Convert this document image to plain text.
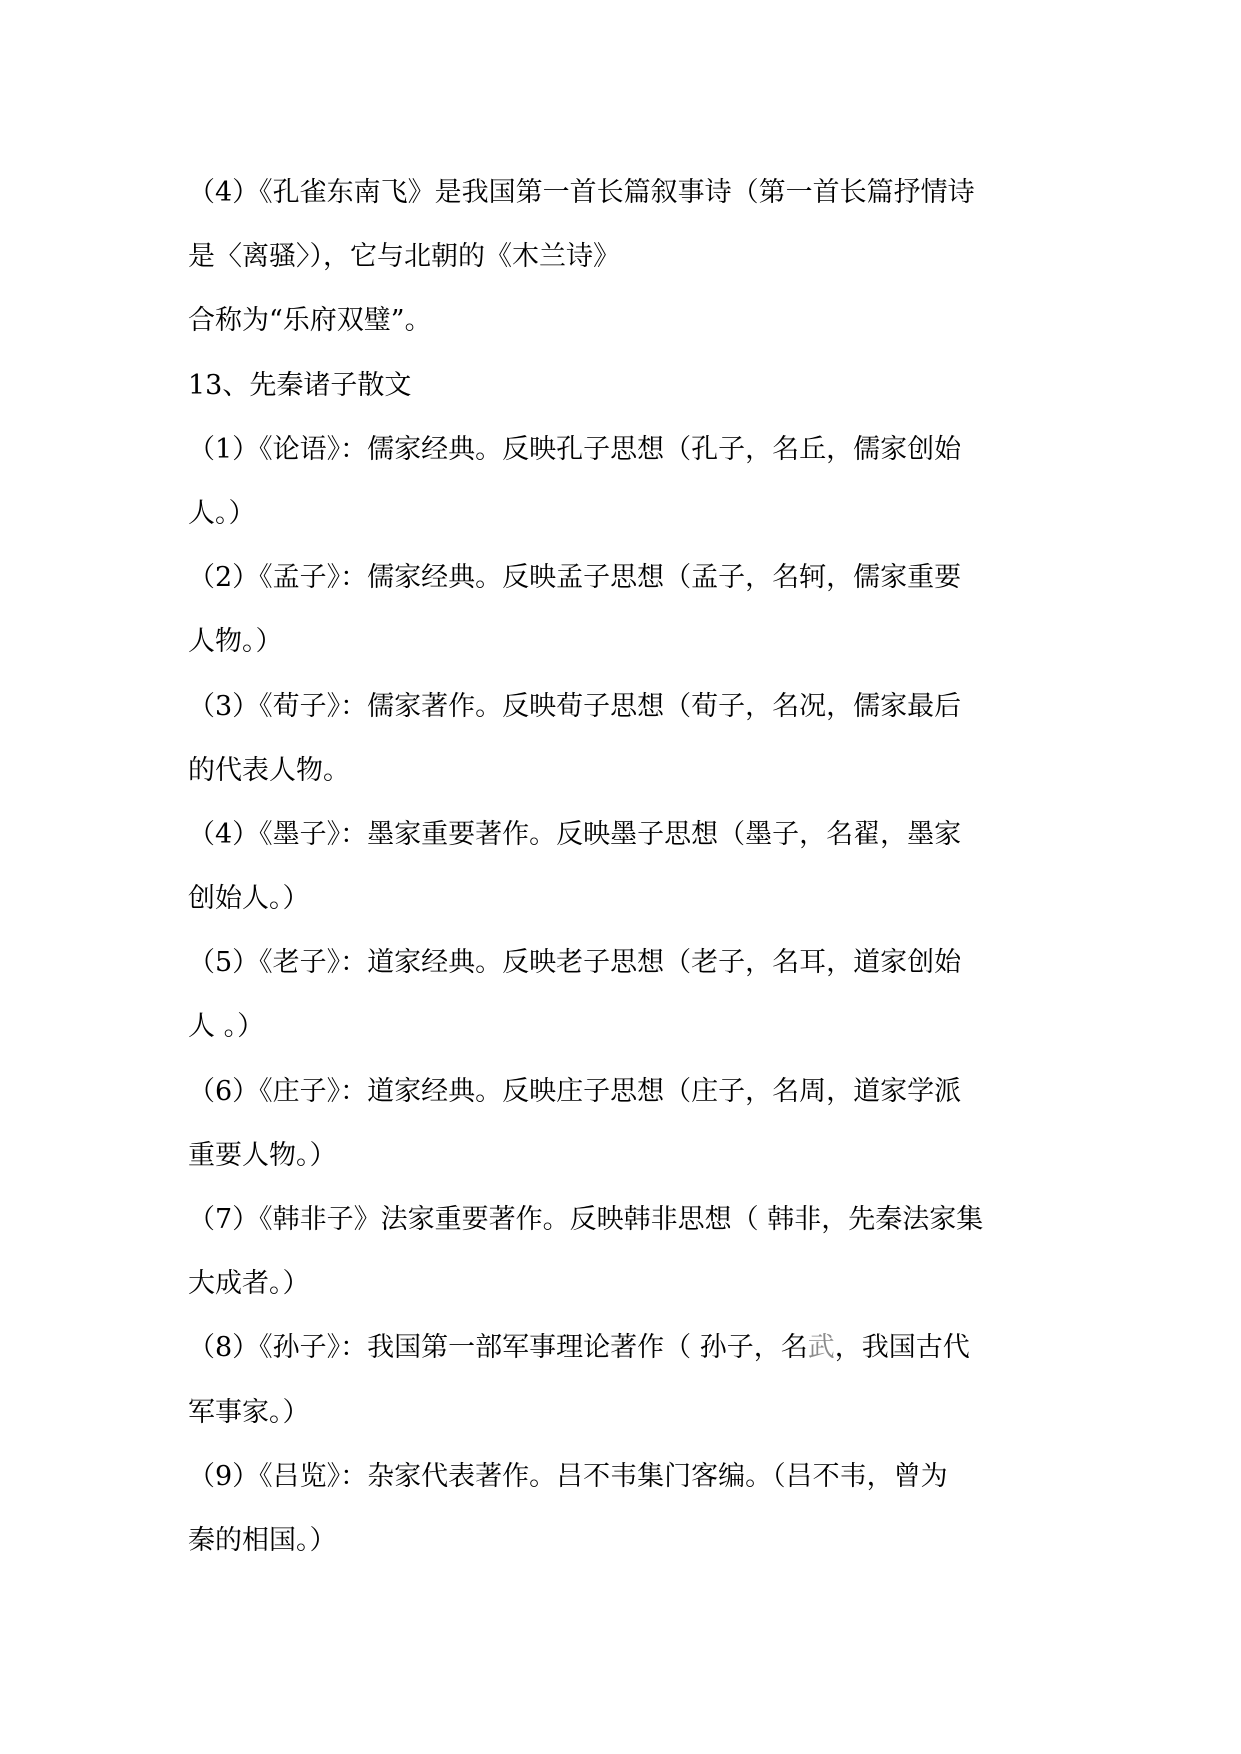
（4）《孔雀东南飞》是我国第一首长篇叙事诗（第一首长篇抒情诗
是〈离骚〉），它与北朝的《木兰诗》
合称为“乐府双璧”。
13、先秦诸子散文
（1）《论语》：儒家经典。反映孔子思想（孔子，名丘，儒家创始
人。）
（2）《孟子》：儒家经典。反映孟子思想（孟子，名轲，儒家重要
人物。）
（3）《荀子》：儒家著作。反映荀子思想（荀子，名况，儒家最后
的代表人物。
（4）《墨子》：墨家重要著作。反映墨子思想（墨子，名翟，墨家
创始人。）
（5）《老子》：道家经典。反映老子思想（老子，名耳，道家创始
人 。）
（6）《庄子》：道家经典。反映庄子思想（庄子，名周，道家学派
重要人物。）
（7）《韩非子》法家重要著作。反映韩非思想（ 韩非，先秦法家集
大成者。）
（8）《孙子》：我国第一部军事理论著作（ 孙子，名武，我国古代
军事家。）
（9）《吕览》：杂家代表著作。吕不韦集门客编。（吕不韦，曾为
秦的相国。）
